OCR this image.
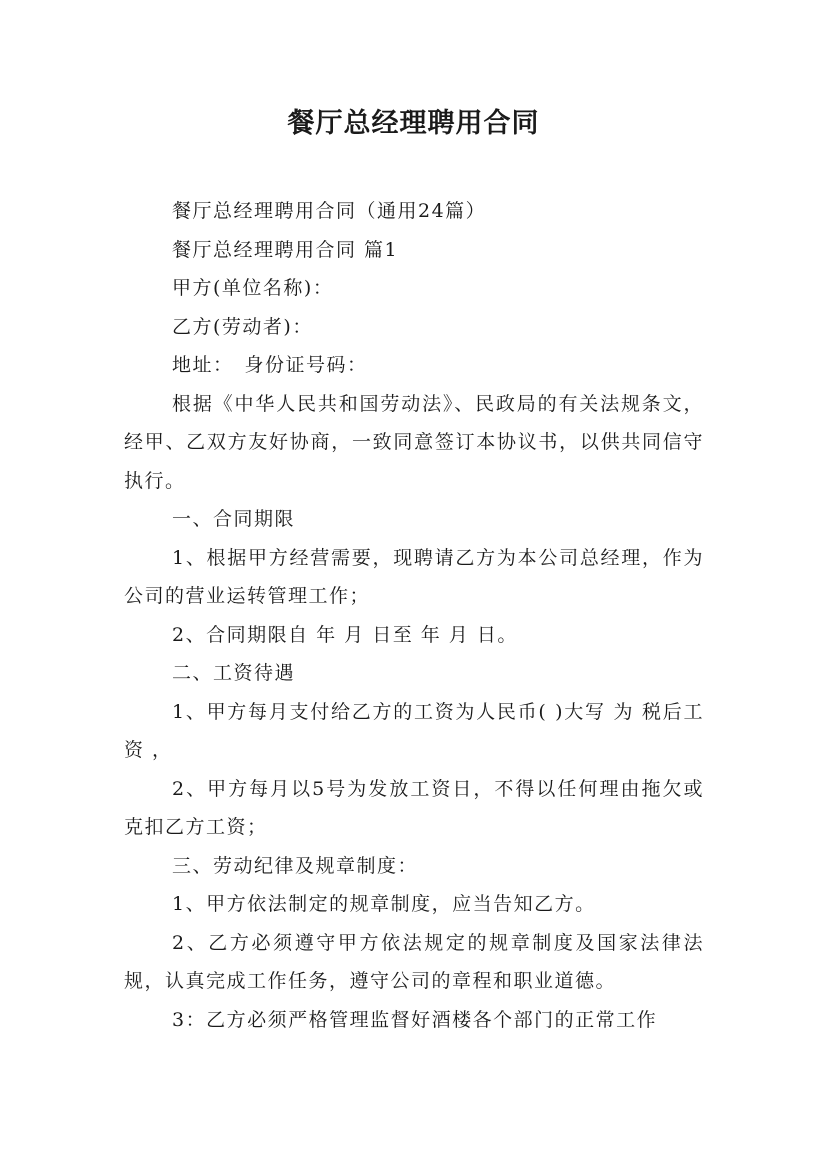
餐厅总经理聘用合同

餐厅总经理聘用合同（通用24篇）

餐厅总经理聘用合同 篇1

甲方(单位名称)：

乙方(劳动者)：

地址：　身份证号码：

根据《中华人民共和国劳动法》、民政局的有关法规条文，经甲、乙双方友好协商，一致同意签订本协议书，以供共同信守执行。

一、合同期限

1、根据甲方经营需要，现聘请乙方为本公司总经理，作为公司的营业运转管理工作；

2、合同期限自 年 月 日至 年 月 日。

二、工资待遇

1、甲方每月支付给乙方的工资为人民币( )大写 为 税后工资 ，

2、甲方每月以5号为发放工资日，不得以任何理由拖欠或克扣乙方工资；

三、劳动纪律及规章制度：

1、甲方依法制定的规章制度，应当告知乙方。

2、乙方必须遵守甲方依法规定的规章制度及国家法律法规，认真完成工作任务，遵守公司的章程和职业道德。

3：乙方必须严格管理监督好酒楼各个部门的正常工作
